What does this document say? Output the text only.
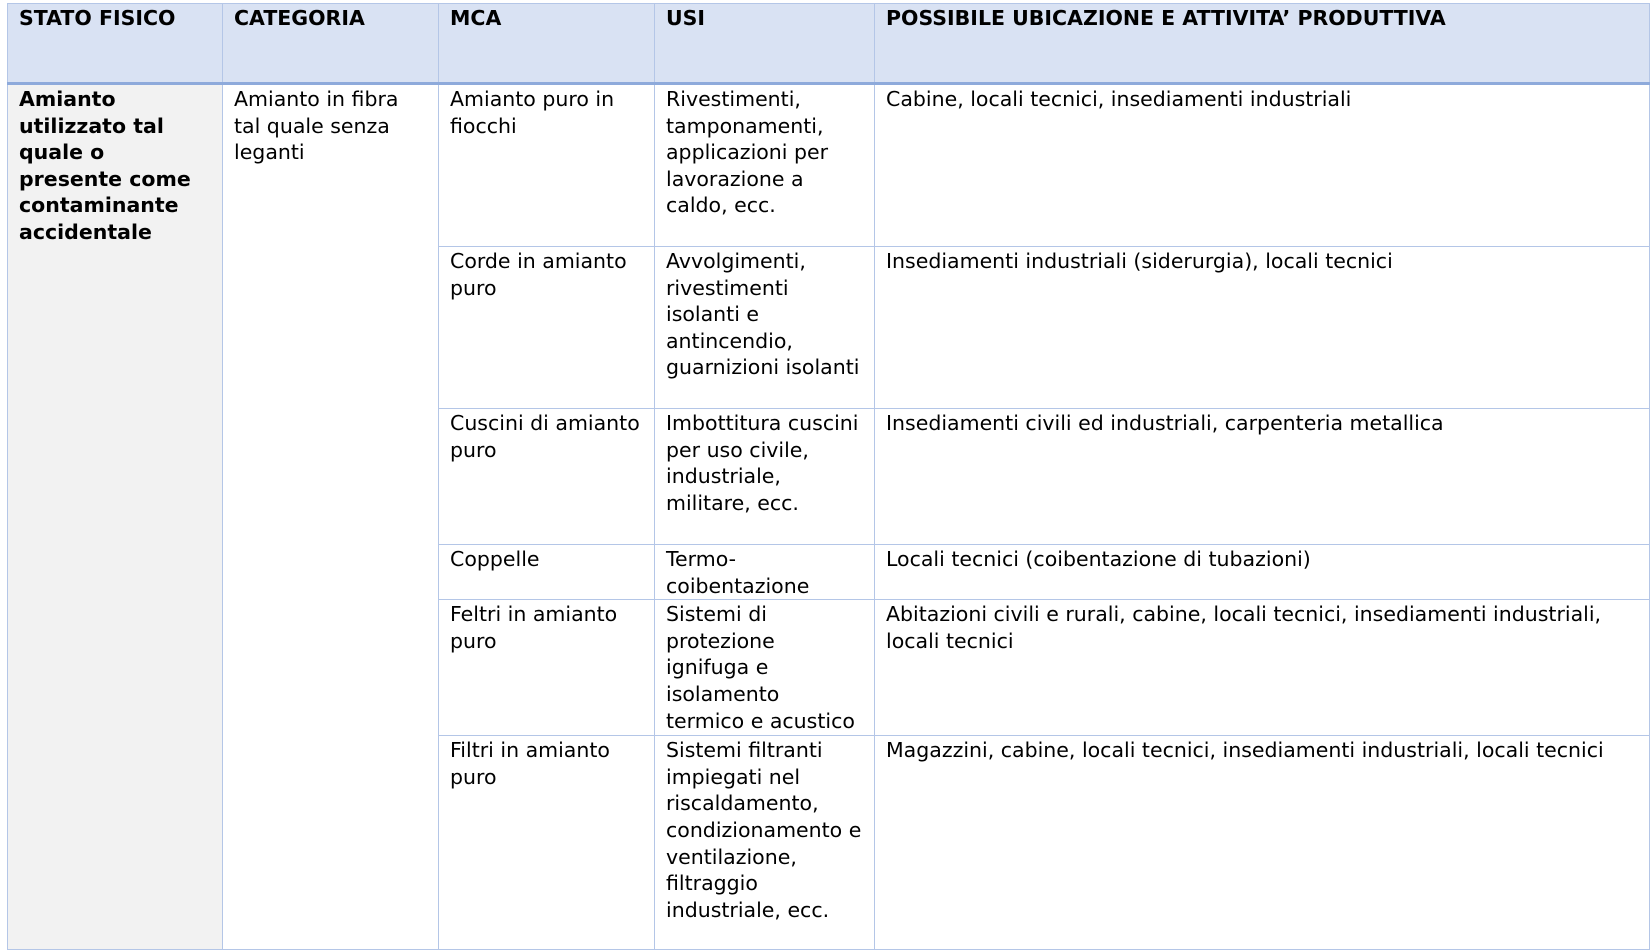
STATO FISICO	CATEGORIA	MCA	USI	POSSIBILE UBICAZIONE E ATTIVITA’ PRODUTTIVA
Amianto utilizzato tal quale o presente come contaminante accidentale	Amianto in fibra tal quale senza leganti	Amianto puro in fiocchi	Rivestimenti, tamponamenti, applicazioni per lavorazione a caldo, ecc.	Cabine, locali tecnici, insediamenti industriali
		Corde in amianto puro	Avvolgimenti, rivestimenti isolanti e antincendio, guarnizioni isolanti	Insediamenti industriali (siderurgia), locali tecnici
		Cuscini di amianto puro	Imbottitura cuscini per uso civile, industriale, militare, ecc.	Insediamenti civili ed industriali, carpenteria metallica
		Coppelle	Termo-coibentazione	Locali tecnici (coibentazione di tubazioni)
		Feltri in amianto puro	Sistemi di protezione ignifuga e isolamento termico e acustico	Abitazioni civili e rurali, cabine, locali tecnici, insediamenti industriali, locali tecnici
		Filtri in amianto puro	Sistemi filtranti impiegati nel riscaldamento, condizionamento e ventilazione, filtraggio industriale, ecc.	Magazzini, cabine, locali tecnici, insediamenti industriali, locali tecnici
